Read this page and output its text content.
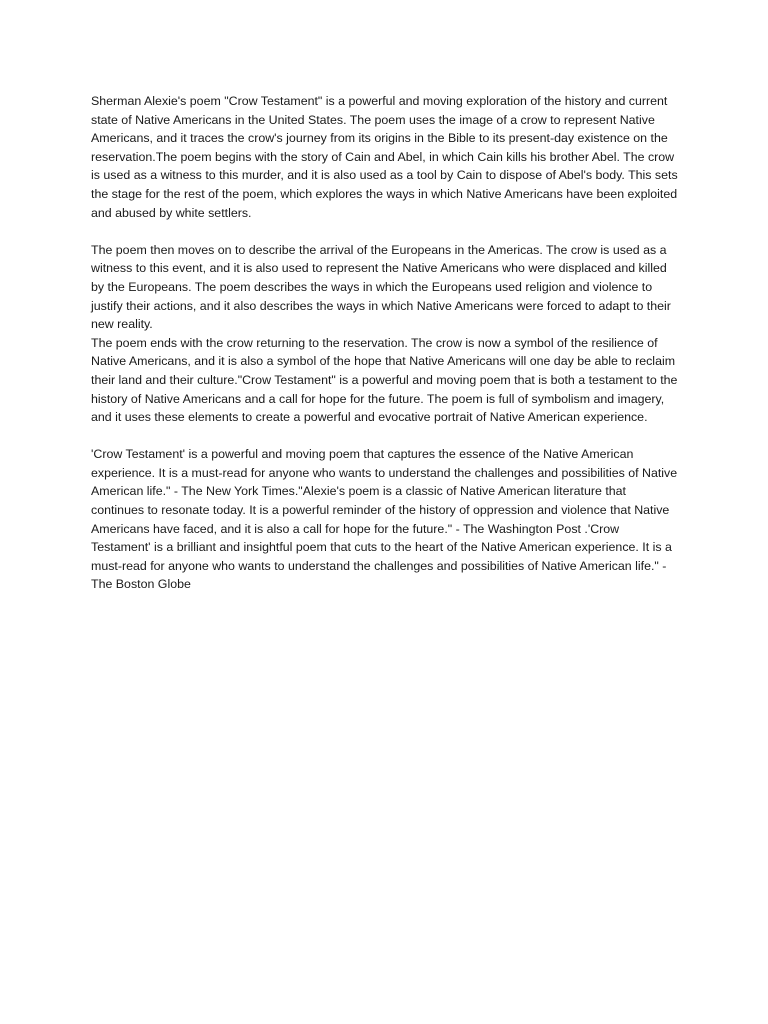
Sherman Alexie's poem "Crow Testament" is a powerful and moving exploration of the history and current state of Native Americans in the United States. The poem uses the image of a crow to represent Native Americans, and it traces the crow's journey from its origins in the Bible to its present-day existence on the reservation.The poem begins with the story of Cain and Abel, in which Cain kills his brother Abel. The crow is used as a witness to this murder, and it is also used as a tool by Cain to dispose of Abel's body. This sets the stage for the rest of the poem, which explores the ways in which Native Americans have been exploited and abused by white settlers.

The poem then moves on to describe the arrival of the Europeans in the Americas. The crow is used as a witness to this event, and it is also used to represent the Native Americans who were displaced and killed by the Europeans. The poem describes the ways in which the Europeans used religion and violence to justify their actions, and it also describes the ways in which Native Americans were forced to adapt to their new reality.

The poem ends with the crow returning to the reservation. The crow is now a symbol of the resilience of Native Americans, and it is also a symbol of the hope that Native Americans will one day be able to reclaim their land and their culture."Crow Testament" is a powerful and moving poem that is both a testament to the history of Native Americans and a call for hope for the future. The poem is full of symbolism and imagery, and it uses these elements to create a powerful and evocative portrait of Native American experience.

'Crow Testament' is a powerful and moving poem that captures the essence of the Native American experience. It is a must-read for anyone who wants to understand the challenges and possibilities of Native American life." - The New York Times."Alexie's poem is a classic of Native American literature that continues to resonate today. It is a powerful reminder of the history of oppression and violence that Native Americans have faced, and it is also a call for hope for the future." - The Washington Post .'Crow Testament' is a brilliant and insightful poem that cuts to the heart of the Native American experience. It is a must-read for anyone who wants to understand the challenges and possibilities of Native American life." - The Boston Globe
